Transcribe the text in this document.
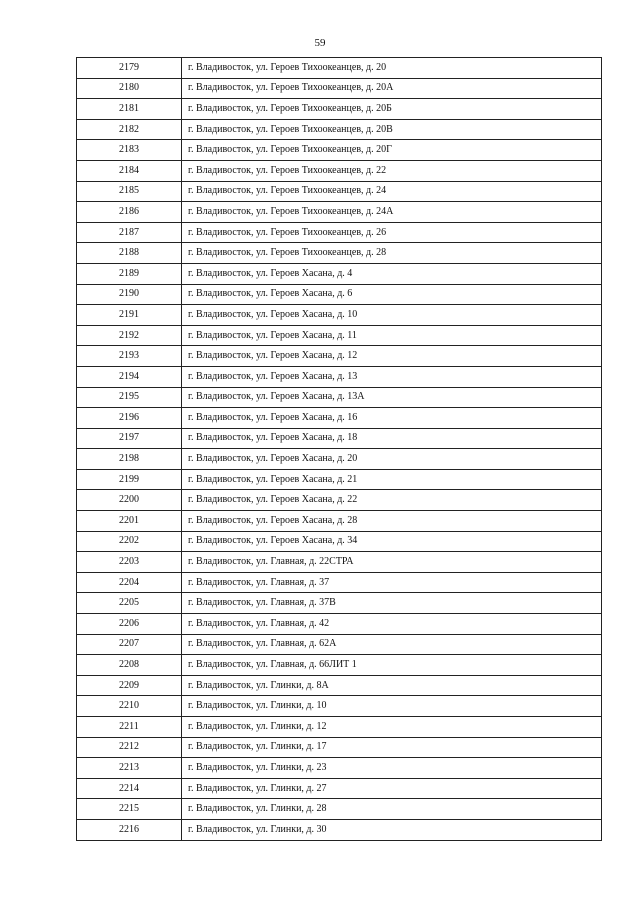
59
2179	г. Владивосток, ул. Героев Тихоокеанцев, д. 20
2180	г. Владивосток, ул. Героев Тихоокеанцев, д. 20А
2181	г. Владивосток, ул. Героев Тихоокеанцев, д. 20Б
2182	г. Владивосток, ул. Героев Тихоокеанцев, д. 20В
2183	г. Владивосток, ул. Героев Тихоокеанцев, д. 20Г
2184	г. Владивосток, ул. Героев Тихоокеанцев, д. 22
2185	г. Владивосток, ул. Героев Тихоокеанцев, д. 24
2186	г. Владивосток, ул. Героев Тихоокеанцев, д. 24А
2187	г. Владивосток, ул. Героев Тихоокеанцев, д. 26
2188	г. Владивосток, ул. Героев Тихоокеанцев, д. 28
2189	г. Владивосток, ул. Героев Хасана, д. 4
2190	г. Владивосток, ул. Героев Хасана, д. 6
2191	г. Владивосток, ул. Героев Хасана, д. 10
2192	г. Владивосток, ул. Героев Хасана, д. 11
2193	г. Владивосток, ул. Героев Хасана, д. 12
2194	г. Владивосток, ул. Героев Хасана, д. 13
2195	г. Владивосток, ул. Героев Хасана, д. 13А
2196	г. Владивосток, ул. Героев Хасана, д. 16
2197	г. Владивосток, ул. Героев Хасана, д. 18
2198	г. Владивосток, ул. Героев Хасана, д. 20
2199	г. Владивосток, ул. Героев Хасана, д. 21
2200	г. Владивосток, ул. Героев Хасана, д. 22
2201	г. Владивосток, ул. Героев Хасана, д. 28
2202	г. Владивосток, ул. Героев Хасана, д. 34
2203	г. Владивосток, ул. Главная, д. 22СТРА
2204	г. Владивосток, ул. Главная, д. 37
2205	г. Владивосток, ул. Главная, д. 37В
2206	г. Владивосток, ул. Главная, д. 42
2207	г. Владивосток, ул. Главная, д. 62А
2208	г. Владивосток, ул. Главная, д. 66ЛИТ 1
2209	г. Владивосток, ул. Глинки, д. 8А
2210	г. Владивосток, ул. Глинки, д. 10
2211	г. Владивосток, ул. Глинки, д. 12
2212	г. Владивосток, ул. Глинки, д. 17
2213	г. Владивосток, ул. Глинки, д. 23
2214	г. Владивосток, ул. Глинки, д. 27
2215	г. Владивосток, ул. Глинки, д. 28
2216	г. Владивосток, ул. Глинки, д. 30
